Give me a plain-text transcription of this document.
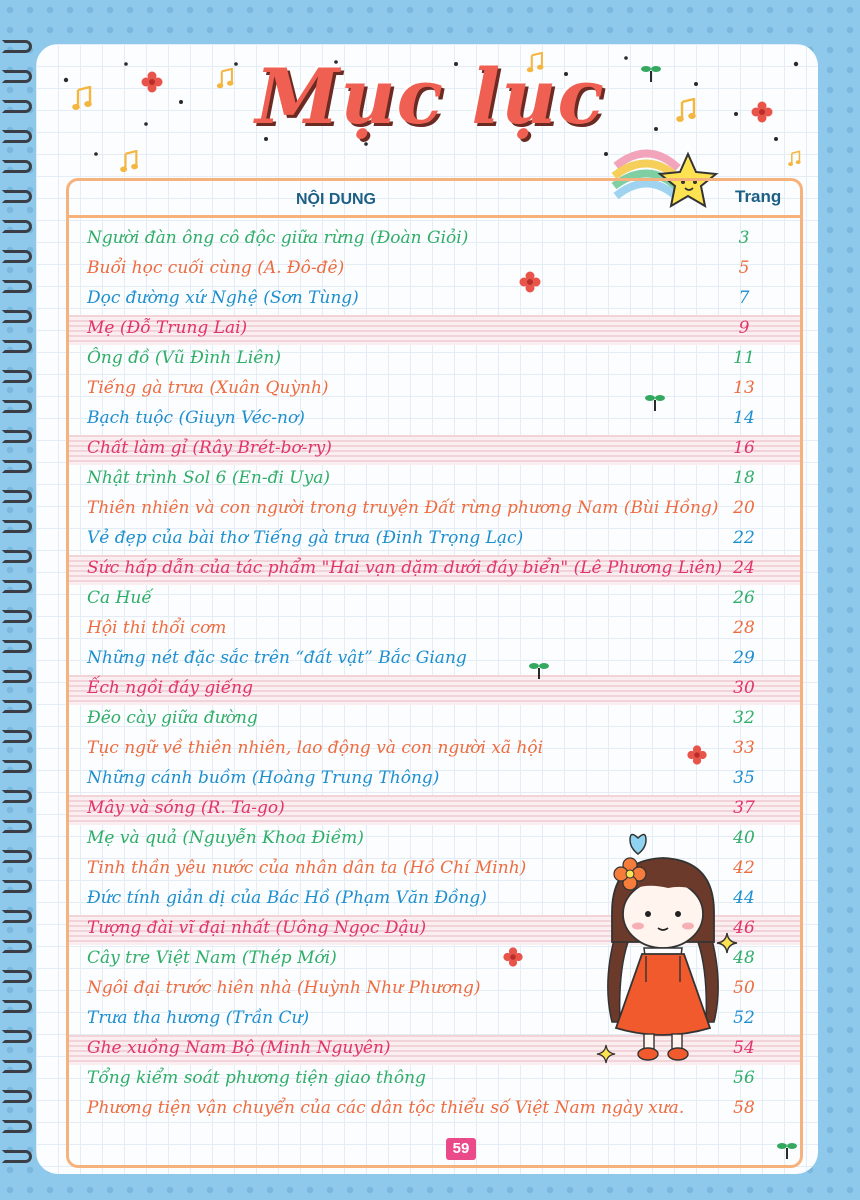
Mục lục
NỘI DUNG	Trang
Người đàn ông cô độc giữa rừng (Đoàn Giỏi)	3
Buổi học cuối cùng (A. Đô-đê)	5
Dọc đường xứ Nghệ (Sơn Tùng)	7
Mẹ (Đỗ Trung Lai)	9
Ông đồ (Vũ Đình Liên)	11
Tiếng gà trưa (Xuân Quỳnh)	13
Bạch tuộc (Giuyn Véc-nơ)	14
Chất làm gỉ (Rây Brét-bơ-ry)	16
Nhật trình Sol 6 (En-đi Uya)	18
Thiên nhiên và con người trong truyện Đất rừng phương Nam (Bùi Hồng) 20
Vẻ đẹp của bài thơ Tiếng gà trưa (Đinh Trọng Lạc)	22
Sức hấp dẫn của tác phẩm "Hai vạn dặm dưới đáy biển" (Lê Phương Liên) 24
Ca Huế	26
Hội thi thổi cơm	28
Những nét đặc sắc trên “đất vật” Bắc Giang	29
Ếch ngồi đáy giếng	30
Đẽo cày giữa đường	32
Tục ngữ về thiên nhiên, lao động và con người xã hội	33
Những cánh buồm (Hoàng Trung Thông)	35
Mây và sóng (R. Ta-go)	37
Mẹ và quả (Nguyễn Khoa Điềm)	40
Tinh thần yêu nước của nhân dân ta (Hồ Chí Minh)	42
Đức tính giản dị của Bác Hồ (Phạm Văn Đồng)	44
Tượng đài vĩ đại nhất (Uông Ngọc Dậu)	46
Cây tre Việt Nam (Thép Mới)	48
Ngôi đại trước hiên nhà (Huỳnh Như Phương)	50
Trưa tha hương (Trần Cư)	52
Ghe xuồng Nam Bộ (Minh Nguyên)	54
Tổng kiểm soát phương tiện giao thông	56
Phương tiện vận chuyển của các dân tộc thiểu số Việt Nam ngày xưa.	58
59
